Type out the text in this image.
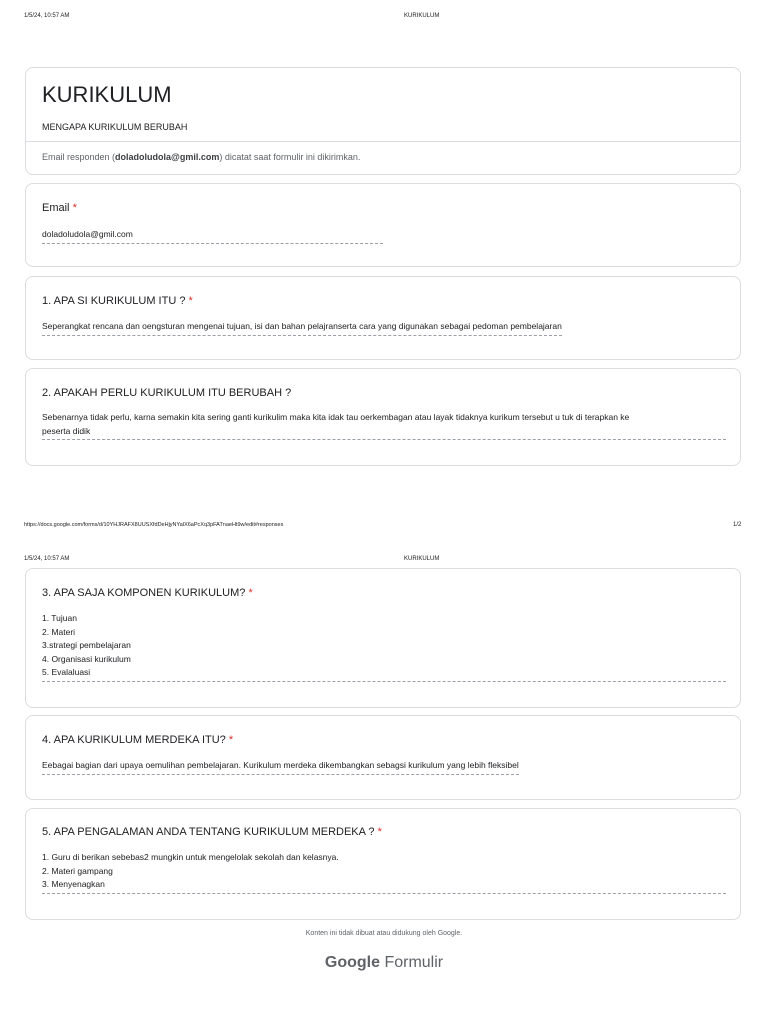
1/5/24, 10:57 AM	KURIKULUM
KURIKULUM
MENGAPA KURIKULUM BERUBAH
Email responden (doladoludola@gmil.com) dicatat saat formulir ini dikirimkan.
Email *
doladoludola@gmil.com
1. APA SI KURIKULUM ITU ? *
Seperangkat rencana dan oengsturan mengenai tujuan, isi dan bahan pelajranserta cara yang digunakan sebagai pedoman pembelajaran
2. APAKAH PERLU KURIKULUM ITU BERUBAH ?
Sebenarnya tidak perlu, karna semakin kita sering ganti kurikulim maka kita idak tau oerkembagan atau layak tidaknya kurikum tersebut u tuk di terapkan ke
peserta didik
https://docs.google.com/forms/d/10YHJRAFX8UUSXfdDeHjyNYalX6aPcXq3pFATnaeHt9w/edit#responses	1/2
1/5/24, 10:57 AM	KURIKULUM
3. APA SAJA KOMPONEN KURIKULUM? *
1. Tujuan
2. Materi
3.strategi pembelajaran
4. Organisasi kurikulum
5. Evalaluasi
4. APA KURIKULUM MERDEKA ITU? *
Eebagai bagian dari upaya oemulihan pembelajaran. Kurikulum merdeka dikembangkan sebagsi kurikulum yang lebih fleksibel
5. APA PENGALAMAN ANDA TENTANG KURIKULUM MERDEKA ? *
1. Guru di berikan sebebas2 mungkin untuk mengelolak sekolah dan kelasnya.
2. Materi gampang
3. Menyenagkan
Konten ini tidak dibuat atau didukung oleh Google.
Google Formulir
